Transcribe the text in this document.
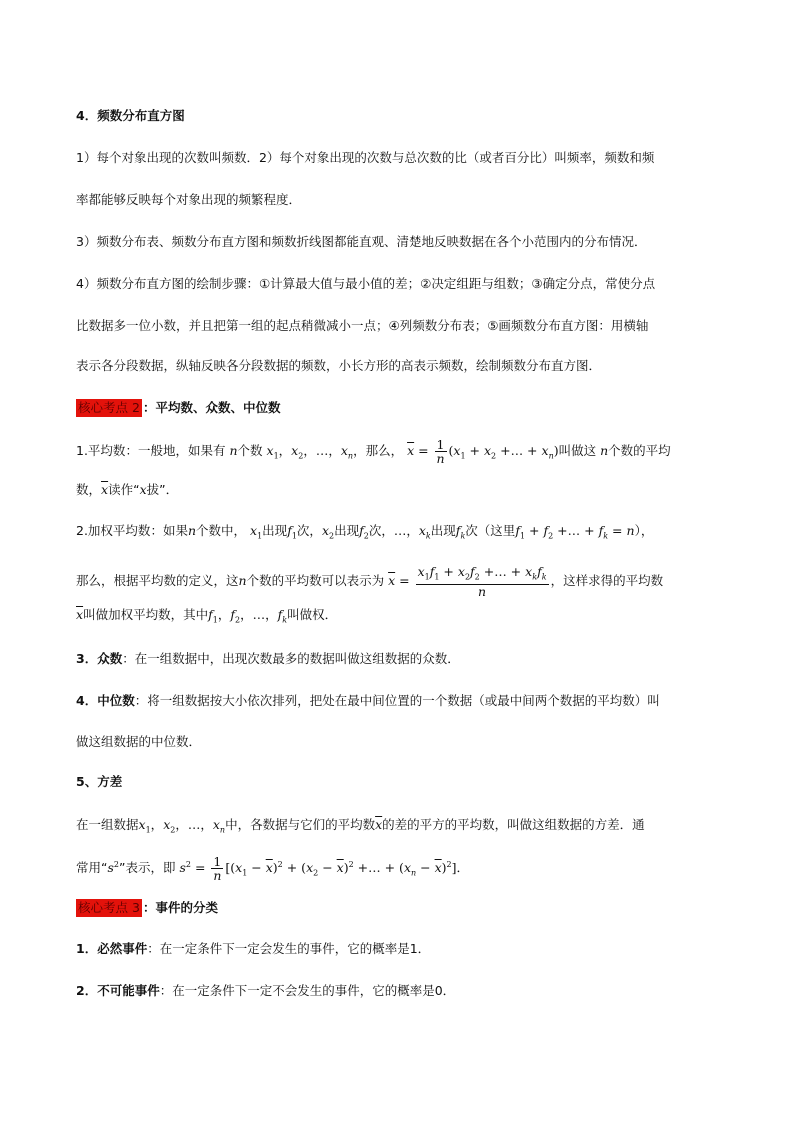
4．频数分布直方图
1）每个对象出现的次数叫频数．2）每个对象出现的次数与总次数的比（或者百分比）叫频率，频数和频
率都能够反映每个对象出现的频繁程度．
3）频数分布表、频数分布直方图和频数折线图都能直观、清楚地反映数据在各个小范围内的分布情况．
4）频数分布直方图的绘制步骤：①计算最大值与最小值的差；②决定组距与组数；③确定分点，常使分点
比数据多一位小数，并且把第一组的起点稍微减小一点；④列频数分布表；⑤画频数分布直方图：用横轴
表示各分段数据，纵轴反映各分段数据的频数，小长方形的高表示频数，绘制频数分布直方图．
核心考点 2 ：平均数、众数、中位数
1.平均数：一般地，如果有 n个数 $x_1$，$x_2$，…，$x_n$，那么， $\overline{x} = \frac{1}{n} (x_1 + x_2$ +… + $x_n$)叫做这 n个数的平均
数，$\overline{x}$读作“x拔”．
2.加权平均数：如果n个数中， $x_1$出现$f_1$次，$x_2$出现$f_2$次，…，$x_k$出现$f_k$次（这里$f_1 + f_2$ +… + $f_k = n$），
那么，根据平均数的定义，这n个数的平均数可以表示为 $\overline{x} = \frac{x_1f_1 + x_2f_2 +\dots + x_kf_k}{n}$ ，这样求得的平均数
$\overline{x}$叫做加权平均数，其中$f_1$，$f_2$，…，$f_k$叫做权．
3．众数：在一组数据中，出现次数最多的数据叫做这组数据的众数．
4．中位数：将一组数据按大小依次排列，把处在最中间位置的一个数据（或最中间两个数据的平均数）叫
做这组数据的中位数．
5、方差
在一组数据$x_1$，$x_2$，…，$x_n$中，各数据与它们的平均数$\overline{x}$的差的平方的平均数，叫做这组数据的方差．通
常用“$s^2$”表示，即 $s^2 = \frac{1}{n} [(x_1 - \overline{x})^2 + (x_2 - \overline{x})^2$ +… + $(x_n - \overline{x})^2$]．
核心考点 3 ：事件的分类
1．必然事件：在一定条件下一定会发生的事件，它的概率是1．
2．不可能事件：在一定条件下一定不会发生的事件，它的概率是0．
